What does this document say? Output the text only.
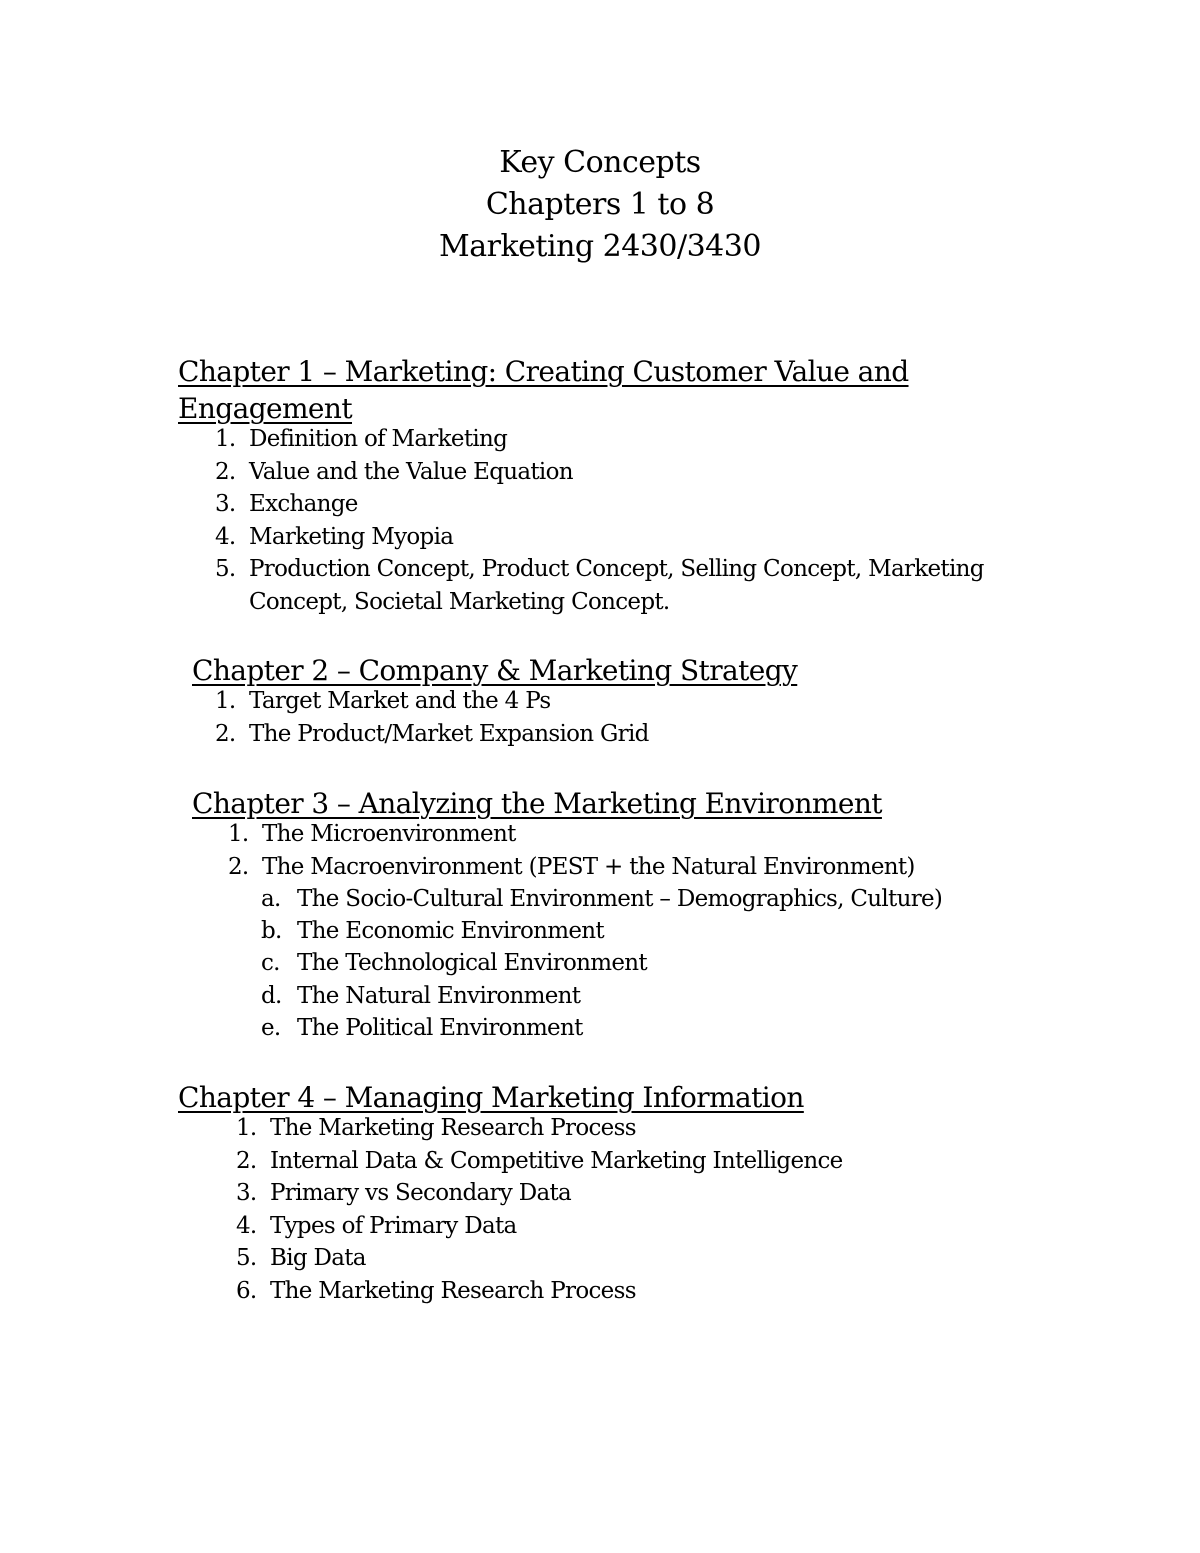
Key Concepts
Chapters 1 to 8
Marketing 2430/3430
Chapter 1 – Marketing: Creating Customer Value and
Engagement
1. Definition of Marketing
2. Value and the Value Equation
3. Exchange
4. Marketing Myopia
5. Production Concept, Product Concept, Selling Concept, Marketing
Concept, Societal Marketing Concept.
Chapter 2 – Company & Marketing Strategy
1. Target Market and the 4 Ps
2. The Product/Market Expansion Grid
Chapter 3 – Analyzing the Marketing Environment
1. The Microenvironment
2. The Macroenvironment (PEST + the Natural Environment)
a. The Socio-Cultural Environment – Demographics, Culture)
b. The Economic Environment
c. The Technological Environment
d. The Natural Environment
e. The Political Environment
Chapter 4 – Managing Marketing Information
1. The Marketing Research Process
2. Internal Data & Competitive Marketing Intelligence
3. Primary vs Secondary Data
4. Types of Primary Data
5. Big Data
6. The Marketing Research Process
